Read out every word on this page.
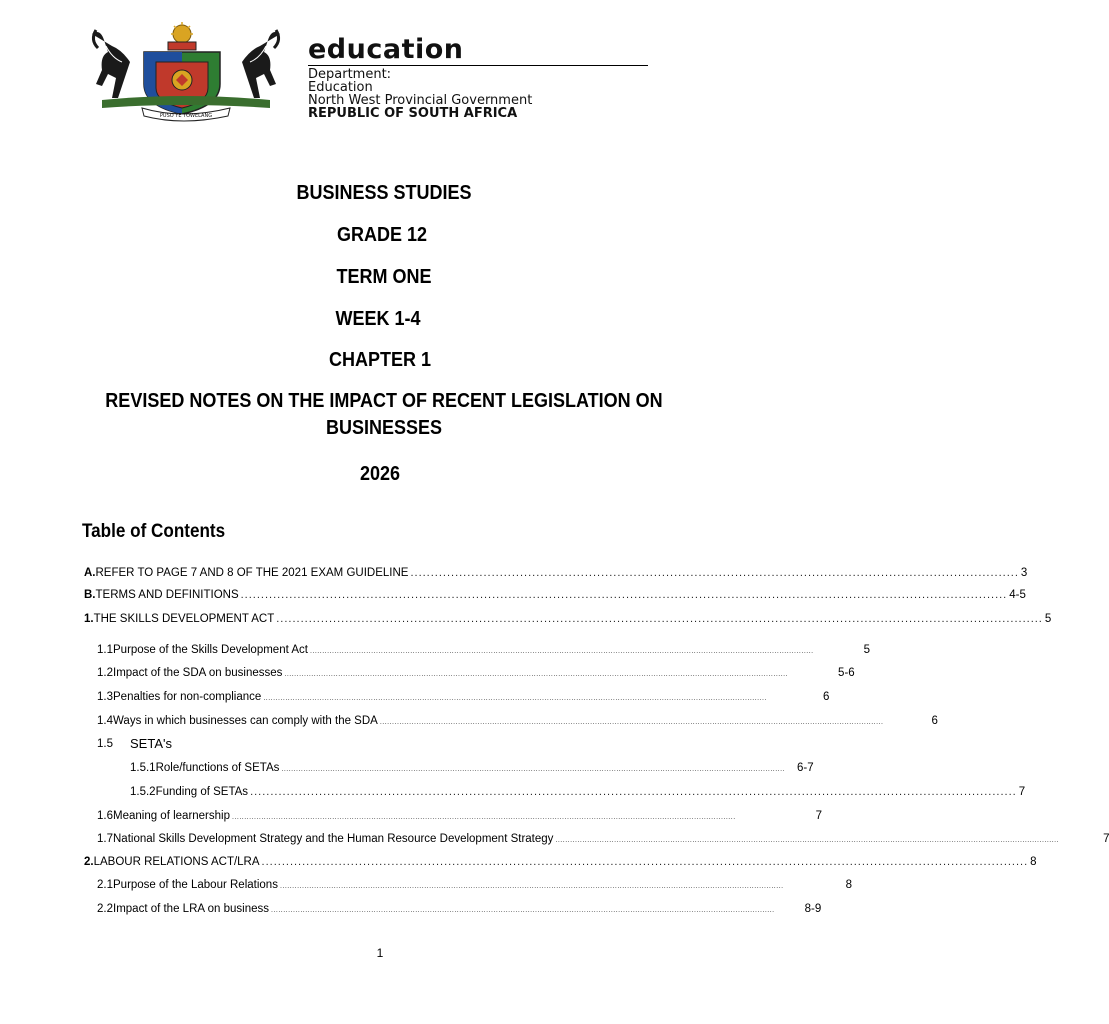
PUSO YE TOWELANG
education
Department:
Education
North West Provincial Government
REPUBLIC OF SOUTH AFRICA
BUSINESS STUDIES
GRADE 12
TERM ONE
WEEK 1-4
CHAPTER 1
REVISED NOTES ON THE IMPACT OF RECENT LEGISLATION ON
BUSINESSES
2026
Table of Contents
A. REFER TO PAGE 7 AND 8 OF THE 2021 EXAM GUIDELINE ...................................................................................................................................................... 3
B. TERMS AND DEFINITIONS ............................................................................................................................................................................................. 4-5
1. THE SKILLS DEVELOPMENT ACT ............................................................................................................................................................................................. 5
1.1 Purpose of the Skills Development Act ..............................................................................................................................................................................................................	5
1.2 Impact of the SDA on businesses ..............................................................................................................................................................................................................	5-6
1.3 Penalties for non-compliance ..............................................................................................................................................................................................................	6
1.4 Ways in which businesses can comply with the SDA ..............................................................................................................................................................................................................	6
1.5	SETA's
1.5.1 Role/functions of SETAs .............................................................................................................................................................................................................. 6-7
1.5.2 Funding of SETAs ............................................................................................................................................................................................. 7
1.6 Meaning of learnership ..............................................................................................................................................................................................................	7
1.7 National Skills Development Strategy and the Human Resource Development Strategy ..............................................................................................................................................................................................................	7
2. LABOUR RELATIONS ACT/LRA ............................................................................................................................................................................................. 8
2.1 Purpose of the Labour Relations ..............................................................................................................................................................................................................	8
2.2 Impact of the LRA on business ..............................................................................................................................................................................................................	8-9
1
